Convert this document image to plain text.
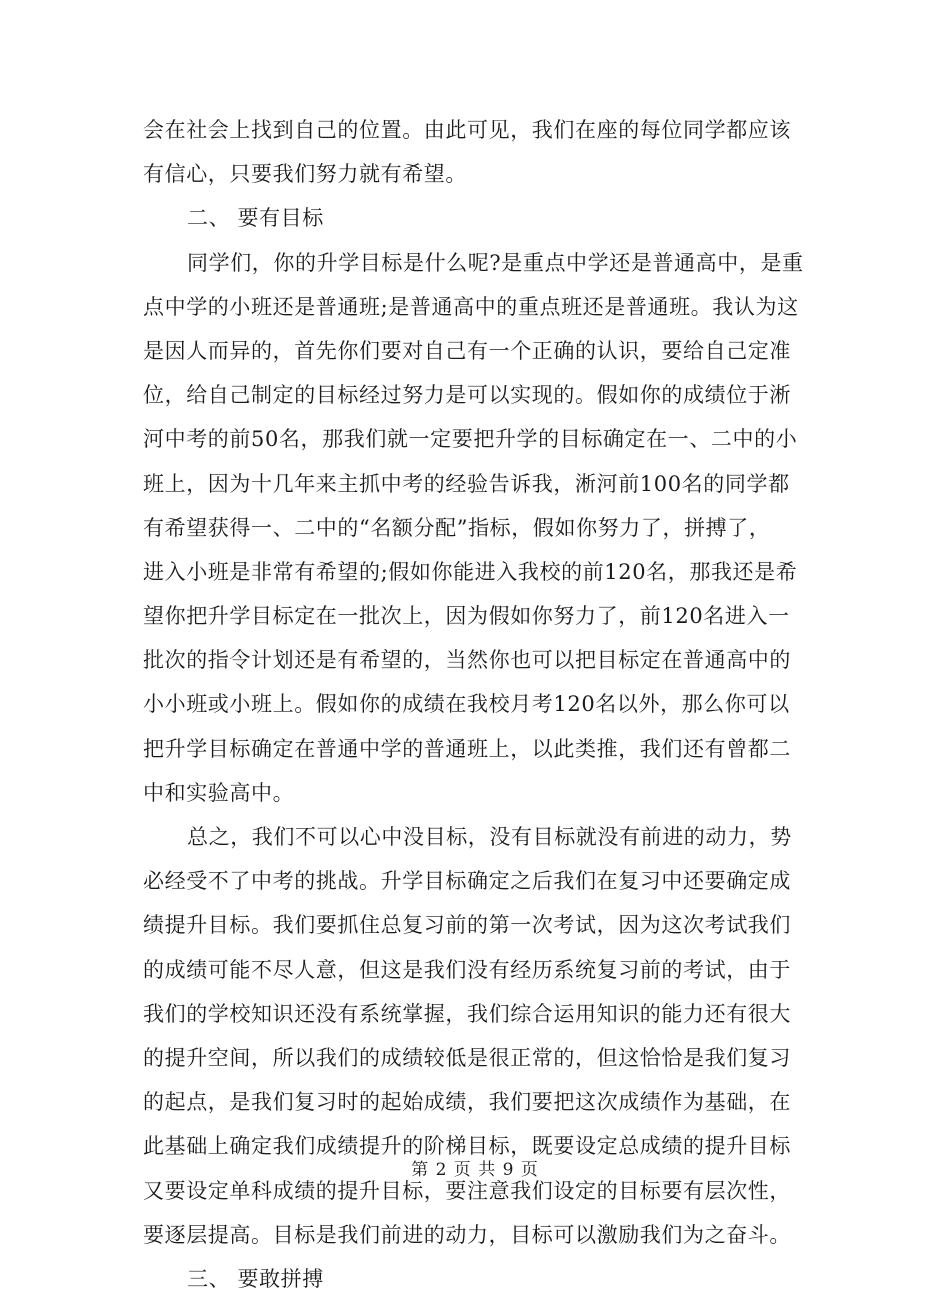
会在社会上找到自己的位置。由此可见，我们在座的每位同学都应该
有信心，只要我们努力就有希望。
二、 要有目标
同学们，你的升学目标是什么呢?是重点中学还是普通高中，是重
点中学的小班还是普通班;是普通高中的重点班还是普通班。我认为这
是因人而异的，首先你们要对自己有一个正确的认识，要给自己定准
位，给自己制定的目标经过努力是可以实现的。假如你的成绩位于淅
河中考的前50名，那我们就一定要把升学的目标确定在一、二中的小
班上，因为十几年来主抓中考的经验告诉我，淅河前100名的同学都
有希望获得一、二中的“名额分配”指标，假如你努力了，拼搏了，
进入小班是非常有希望的;假如你能进入我校的前120名，那我还是希
望你把升学目标定在一批次上，因为假如你努力了，前120名进入一
批次的指令计划还是有希望的，当然你也可以把目标定在普通高中的
小小班或小班上。假如你的成绩在我校月考120名以外，那么你可以
把升学目标确定在普通中学的普通班上，以此类推，我们还有曾都二
中和实验高中。
总之，我们不可以心中没目标，没有目标就没有前进的动力，势
必经受不了中考的挑战。升学目标确定之后我们在复习中还要确定成
绩提升目标。我们要抓住总复习前的第一次考试，因为这次考试我们
的成绩可能不尽人意，但这是我们没有经历系统复习前的考试，由于
我们的学校知识还没有系统掌握，我们综合运用知识的能力还有很大
的提升空间，所以我们的成绩较低是很正常的，但这恰恰是我们复习
的起点，是我们复习时的起始成绩，我们要把这次成绩作为基础，在
此基础上确定我们成绩提升的阶梯目标，既要设定总成绩的提升目标
又要设定单科成绩的提升目标，要注意我们设定的目标要有层次性，
要逐层提高。目标是我们前进的动力，目标可以激励我们为之奋斗。
三、 要敢拼搏
第 2 页 共 9 页
